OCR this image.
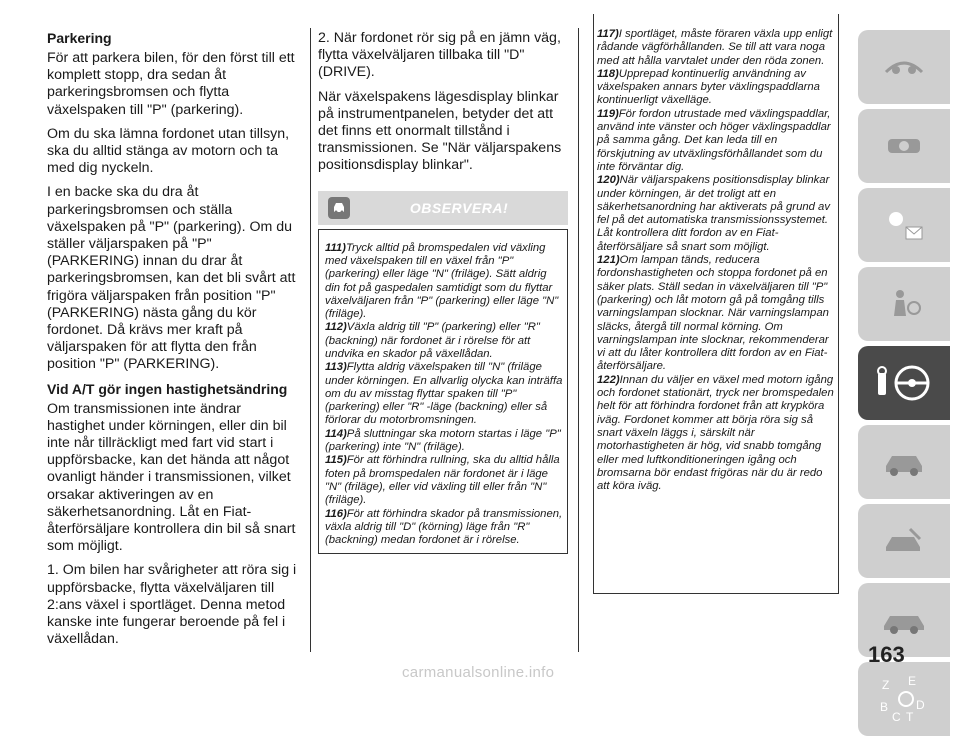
Parkering

För att parkera bilen, för den först till ett komplett stopp, dra sedan åt parkeringsbromsen och flytta växelspaken till "P" (parkering).

Om du ska lämna fordonet utan tillsyn, ska du alltid stänga av motorn och ta med dig nyckeln.

I en backe ska du dra åt parkeringsbromsen och ställa växelspaken på "P" (parkering). Om du ställer väljarspaken på "P" (PARKERING) innan du drar åt parkeringsbromsen, kan det bli svårt att frigöra väljarspaken från position "P" (PARKERING) nästa gång du kör fordonet. Då krävs mer kraft på väljarspaken för att flytta den från position "P" (PARKERING).

Vid A/T gör ingen hastighetsändring

Om transmissionen inte ändrar hastighet under körningen, eller din bil inte når tillräckligt med fart vid start i uppförsbacke, kan det hända att något ovanligt händer i transmissionen, vilket orsakar aktiveringen av en säkerhetsanordning. Låt en Fiat-återförsäljare kontrollera din bil så snart som möjligt.

1. Om bilen har svårigheter att röra sig i uppförsbacke, flytta växelväljaren till 2:ans växel i sportläget. Denna metod kanske inte fungerar beroende på fel i växellådan.

2. När fordonet rör sig på en jämn väg, flytta växelväljaren tillbaka till "D" (DRIVE).

När växelspakens lägesdisplay blinkar på instrumentpanelen, betyder det att det finns ett onormalt tillstånd i transmissionen. Se "När väljarspakens positionsdisplay blinkar".

OBSERVERA!

111)Tryck alltid på bromspedalen vid växling med växelspaken till en växel från "P" (parkering) eller läge "N" (friläge). Sätt aldrig din fot på gaspedalen samtidigt som du flyttar växelväljaren från "P" (parkering) eller läge "N" (friläge).

112)Växla aldrig till "P" (parkering) eller "R" (backning) när fordonet är i rörelse för att undvika en skador på växellådan.

113)Flytta aldrig växelspaken till "N" (friläge under körningen. En allvarlig olycka kan inträffa om du av misstag flyttar spaken till "P" (parkering) eller "R" -läge (backning) eller så förlorar du motorbromsningen.

114)På sluttningar ska motorn startas i läge "P" (parkering) inte "N" (friläge).

115)För att förhindra rullning, ska du alltid hålla foten på bromspedalen när fordonet är i läge "N" (friläge), eller vid växling till eller från "N" (friläge).

116)För att förhindra skador på transmissionen, växla aldrig till "D" (körning) läge från "R" (backning) medan fordonet är i rörelse.

117)I sportläget, måste föraren växla upp enligt rådande vägförhållanden. Se till att vara noga med att hålla varvtalet under den röda zonen.

118)Upprepad kontinuerlig användning av växelspaken annars byter växlingspaddlarna kontinuerligt växelläge.

119)För fordon utrustade med växlingspaddlar, använd inte vänster och höger växlingspaddlar på samma gång. Det kan leda till en förskjutning av utväxlingsförhållandet som du inte förväntar dig.

120)När väljarspakens positionsdisplay blinkar under körningen, är det troligt att en säkerhetsanordning har aktiverats på grund av fel på det automatiska transmissionssystemet. Låt kontrollera ditt fordon av en Fiat-återförsäljare så snart som möjligt.

121)Om lampan tänds, reducera fordonshastigheten och stoppa fordonet på en säker plats. Ställ sedan in växelväljaren till "P" (parkering) och låt motorn gå på tomgång tills varningslampan slocknar. När varningslampan släcks, återgå till normal körning. Om varningslampan inte slocknar, rekommenderar vi att du låter kontrollera ditt fordon av en Fiat-återförsäljare.

122)Innan du väljer en växel med motorn igång och fordonet stationärt, tryck ner bromspedalen helt för att förhindra fordonet från att krypköra iväg. Fordonet kommer att börja röra sig så snart växeln läggs i, särskilt när motorhastigheten är hög, vid snabb tomgång eller med luftkonditioneringen igång och bromsarna bör endast frigöras när du är redo att köra iväg.

Z E
B
C T
D
163
carmanualsonline.info
